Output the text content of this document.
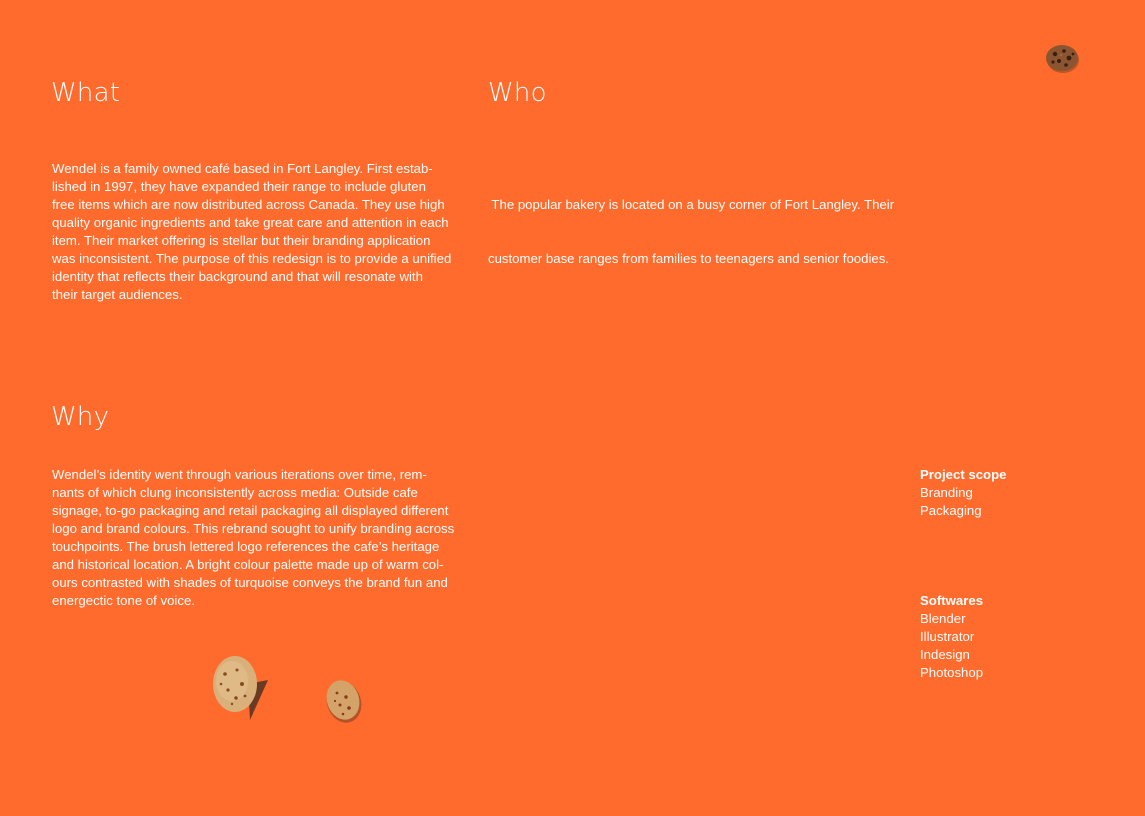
What
Wendel is a family owned café based in Fort Langley. First estab-
lished in 1997, they have expanded their range to include gluten
free items which are now distributed across Canada. They use high
quality organic ingredients and take great care and attention in each
item. Their market offering is stellar but their branding application
was inconsistent. The purpose of this redesign is to provide a unified
identity that reflects their background and that will resonate with
their target audiences.
Who

The popular bakery is located on a busy corner of Fort Langley. Their

customer base ranges from families to teenagers and senior foodies.

Why
Wendel’s identity went through various iterations over time, rem-
nants of which clung inconsistently across media: Outside cafe
signage, to-go packaging and retail packaging all displayed different
logo and brand colours. This rebrand sought to unify branding across
touchpoints. The brush lettered logo references the cafe’s heritage
and historical location. A bright colour palette made up of warm col-
ours contrasted with shades of turquoise conveys the brand fun and
energectic tone of voice.
Project scope
Branding
Packaging
Softwares
Blender
Illustrator
Indesign
Photoshop
